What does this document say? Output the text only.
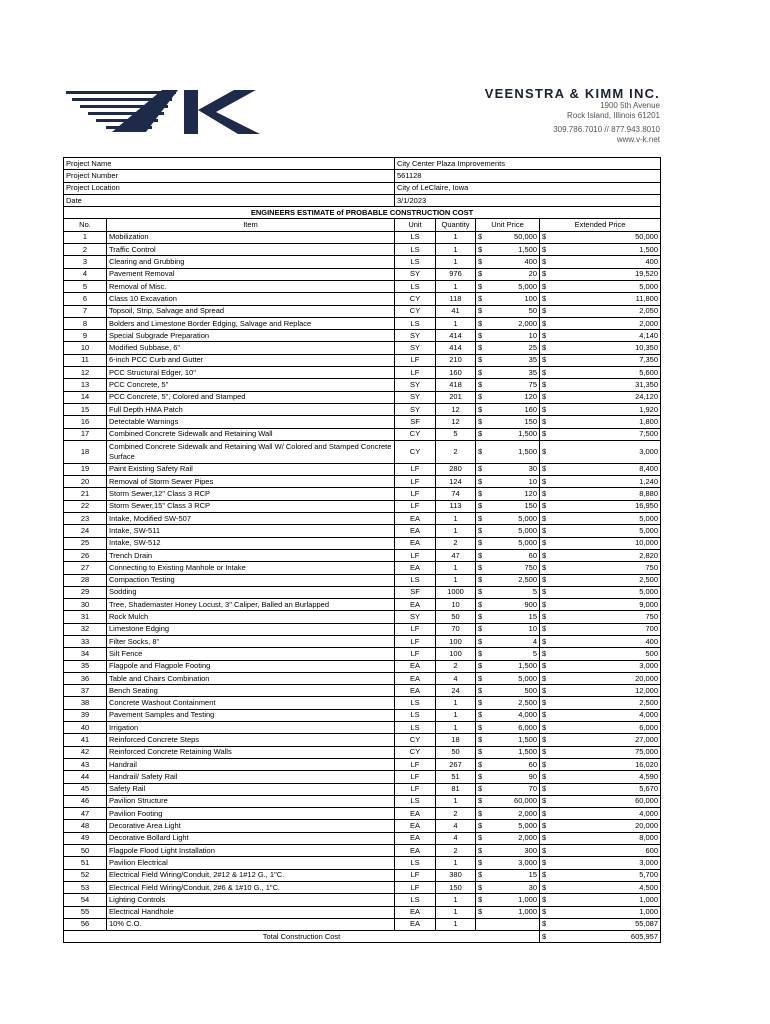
VEENSTRA & KIMM INC.
1900 5th Avenue
Rock Island, Illinois 61201
309.786.7010 // 877.943.8010
www.v-k.net
Project Name		City Center Plaza Improvements			
Project Number		561128			
Project Location		City of LeClaire, Iowa			
Date		3/1/2023			
ENGINEERS ESTIMATE of PROBABLE CONSTRUCTION COST					
No.	Item	Unit	Quantity	Unit Price	Extended Price
1	Mobilization	LS	1	$ 50,000	$ 50,000

2	Traffic Control	LS	1	$ 1,500	$ 1,500

3	Clearing and Grubbing	LS	1	$ 400	$ 400

4	Pavement Removal	SY	976	$ 20	$ 19,520

5	Removal of Misc.	LS	1	$ 5,000	$ 5,000

6	Class 10 Excavation	CY	118	$ 100	$ 11,800

7	Topsoil, Strip, Salvage and Spread	CY	41	$ 50	$ 2,050

8	Bolders and Limestone Border Edging, Salvage and Replace	LS	1	$ 2,000	$ 2,000

9	Special Subgrade Preparation	SY	414	$ 10	$ 4,140

10	Modified Subbase, 6"	SY	414	$ 25	$ 10,350

11	6-inch PCC Curb and Gutter	LF	210	$ 35	$ 7,350

12	PCC Structural Edger, 10"	LF	160	$ 35	$ 5,600

13	PCC Concrete, 5"	SY	418	$ 75	$ 31,350

14	PCC Concrete, 5", Colored and Stamped	SY	201	$ 120	$ 24,120

15	Full Depth HMA Patch	SY	12	$ 160	$ 1,920

16	Detectable Warnings	SF	12	$ 150	$ 1,800

17	Combined Concrete Sidewalk and Retaining Wall	CY	5	$ 1,500	$ 7,500

18	Combined Concrete Sidewalk and Retaining Wall W/ Colored and Stamped Concrete Surface	CY	2	$ 1,500	$ 3,000

19	Paint Existing Safety Rail	LF	280	$ 30	$ 8,400

20	Removal of Storm Sewer Pipes	LF	124	$ 10	$ 1,240

21	Storm Sewer,12" Class 3 RCP	LF	74	$ 120	$ 8,880

22	Storm Sewer,15" Class 3 RCP	LF	113	$ 150	$ 16,950

23	Intake, Modified SW-507	EA	1	$ 5,000	$ 5,000

24	Intake, SW-511	EA	1	$ 5,000	$ 5,000

25	Intake, SW-512	EA	2	$ 5,000	$ 10,000

26	Trench Drain	LF	47	$ 60	$ 2,820

27	Connecting to Existing Manhole or Intake	EA	1	$ 750	$ 750

28	Compaction Testing	LS	1	$ 2,500	$ 2,500

29	Sodding	SF	1000	$ 5	$ 5,000

30	Tree, Shademaster Honey Locust, 3" Caliper, Balled an Burlapped	EA	10	$ 900	$ 9,000

31	Rock Mulch	SY	50	$ 15	$ 750

32	Limestone Edging	LF	70	$ 10	$ 700

33	Filter Socks, 8"	LF	100	$ 4	$ 400

34	Silt Fence	LF	100	$ 5	$ 500

35	Flagpole and Flagpole Footing	EA	2	$ 1,500	$ 3,000

36	Table and Chairs Combination	EA	4	$ 5,000	$ 20,000

37	Bench Seating	EA	24	$ 500	$ 12,000

38	Concrete Washout Containment	LS	1	$ 2,500	$ 2,500

39	Pavement Samples and Testing	LS	1	$ 4,000	$ 4,000

40	Irrigation	LS	1	$ 6,000	$ 6,000

41	Reinforced Concrete Steps	CY	18	$ 1,500	$ 27,000

42	Reinforced Concrete Retaining Walls	CY	50	$ 1,500	$ 75,000

43	Handrail	LF	267	$ 60	$ 16,020

44	Handrail/ Safety Rail	LF	51	$ 90	$ 4,590

45	Safety Rail	LF	81	$ 70	$ 5,670

46	Pavilion Structure	LS	1	$ 60,000	$ 60,000

47	Pavilion Footing	EA	2	$ 2,000	$ 4,000

48	Decorative Area Light	EA	4	$ 5,000	$ 20,000

49	Decorative Bollard Light	EA	4	$ 2,000	$ 8,000

50	Flagpole Flood Light Installation	EA	2	$ 300	$ 600

51	Pavilion Electrical	LS	1	$ 3,000	$ 3,000

52	Electrical Field Wiring/Conduit, 2#12 & 1#12 G., 1"C.	LF	380	$ 15	$ 5,700

53	Electrical Field Wiring/Conduit, 2#6 & 1#10 G., 1"C.	LF	150	$ 30	$ 4,500

54	Lighting Controls	LS	1	$ 1,000	$ 1,000

55	Electrical Handhole	EA	1	$ 1,000	$ 1,000

56	10% C.O.	EA	1		$ 55,087

Total Construction Cost					$ 605,957
